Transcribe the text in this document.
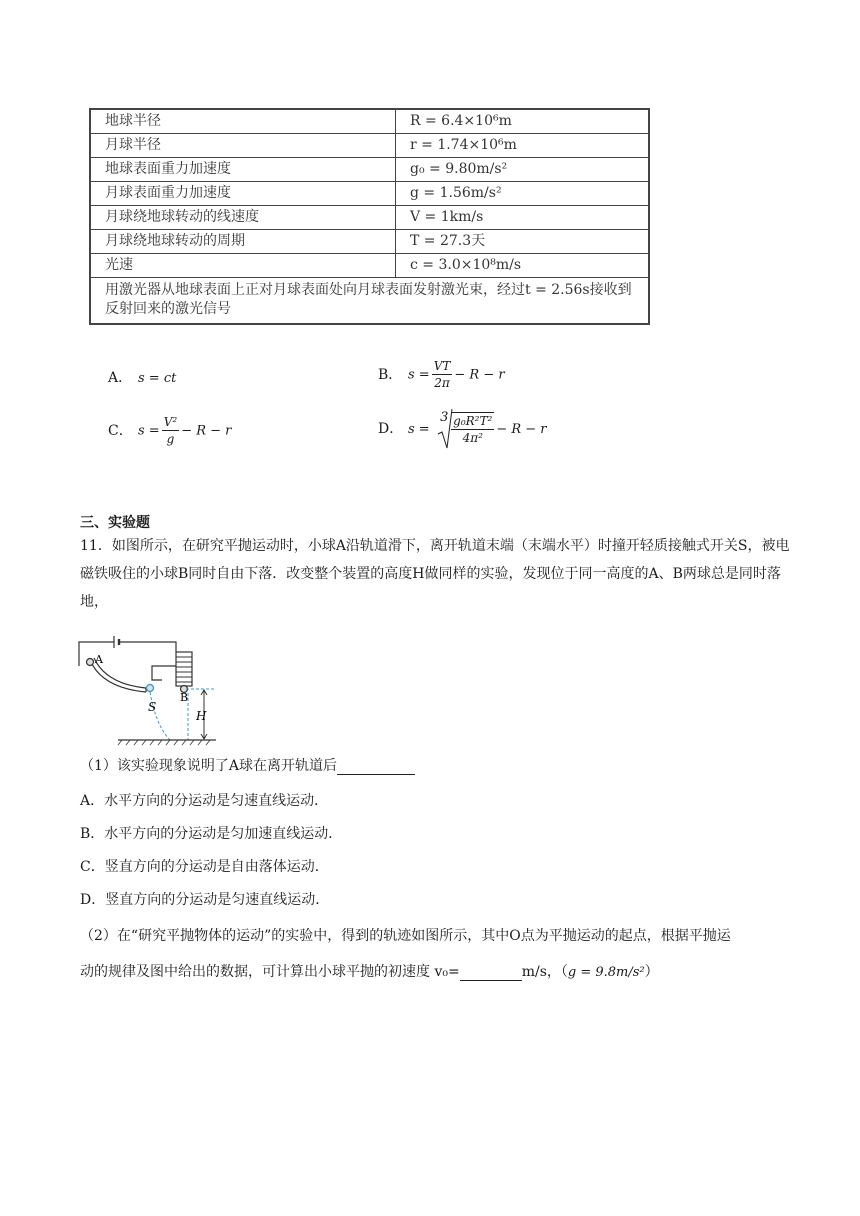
地球半径	R = 6.4×10⁶m
月球半径	r = 1.74×10⁶m
地球表面重力加速度	g₀ = 9.80m/s²
月球表面重力加速度	g = 1.56m/s²
月球绕地球转动的线速度	V = 1km/s
月球绕地球转动的周期	T = 27.3天
光速	c = 3.0×10⁸m/s
用激光器从地球表面上正对月球表面处向月球表面发射激光束，经过t = 2.56s接收到反射回来的激光信号	
A． s = ct	B． $s = \frac{VT}{2\pi} - R - r$
C． $s = \frac{\text{V²}}{g} - R - r$	D． s =
$3 \frac{\text{g₀R²T²}}{\text{4π²}} - R - r$
三、实验题
11．如图所示，在研究平抛运动时，小球A沿轨道滑下，离开轨道末端（末端水平）时撞开轻质接触式开关S，被电磁铁吸住的小球B同时自由下落．改变整个装置的高度H做同样的实验，发现位于同一高度的A、B两球总是同时落地，
A
B
S
H
（1）该实验现象说明了A球在离开轨道后
A．水平方向的分运动是匀速直线运动．
B．水平方向的分运动是匀加速直线运动．
C．竖直方向的分运动是自由落体运动．
D．竖直方向的分运动是匀速直线运动．
（2）在“研究平抛物体的运动”的实验中，得到的轨迹如图所示，其中O点为平抛运动的起点，根据平抛运
动的规律及图中给出的数据，可计算出小球平抛的初速度 v₀=	m/s，（g = 9.8m/s²）
